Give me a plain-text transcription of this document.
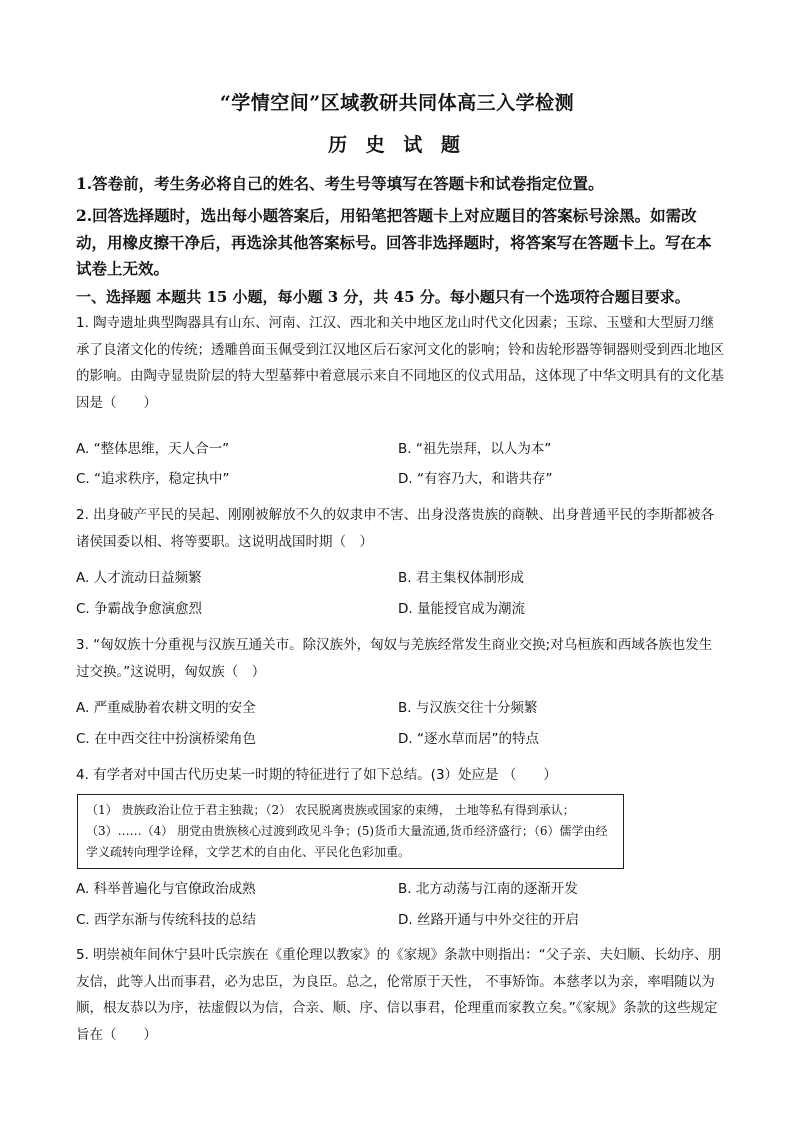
“学情空间”区域教研共同体高三入学检测
历 史 试 题
1.答卷前，考生务必将自己的姓名、考生号等填写在答题卡和试卷指定位置。
2.回答选择题时，选出每小题答案后，用铅笔把答题卡上对应题目的答案标号涂黑。如需改动，用橡皮擦干净后，再选涂其他答案标号。回答非选择题时，将答案写在答题卡上。写在本试卷上无效。
一、选择题 本题共 15 小题，每小题 3 分，共 45 分。每小题只有一个选项符合题目要求。
1. 陶寺遗址典型陶器具有山东、河南、江汉、西北和关中地区龙山时代文化因素；玉琮、玉璧和大型厨刀继承了良渚文化的传统；透雕兽面玉佩受到江汉地区后石家河文化的影响；铃和齿轮形器等铜器则受到西北地区的影响。由陶寺显贵阶层的特大型墓葬中着意展示来自不同地区的仪式用品，这体现了中华文明具有的文化基因是（　　）
A. “整体思维，天人合一”	B. “祖先崇拜，以人为本”
C. “追求秩序，稳定执中”	D. “有容乃大，和谐共存”
2. 出身破产平民的吴起、刚刚被解放不久的奴隶申不害、出身没落贵族的商鞅、出身普通平民的李斯都被各诸侯国委以相、将等要职。这说明战国时期（　）
A. 人才流动日益频繁	B. 君主集权体制形成
C. 争霸战争愈演愈烈	D. 量能授官成为潮流
3. “匈奴族十分重视与汉族互通关市。除汉族外，匈奴与羌族经常发生商业交换;对乌桓族和西域各族也发生过交换。”这说明，匈奴族（　）
A. 严重威胁着农耕文明的安全	B. 与汉族交往十分频繁
C. 在中西交往中扮演桥梁角色	D. “逐水草而居”的特点
4. 有学者对中国古代历史某一时期的特征进行了如下总结。(3）处应是 （　　）
（1） 贵族政治让位于君主独裁；（2） 农民脱离贵族或国家的束缚， 土地等私有得到承认；（3）……（4） 朋党由贵族核心过渡到政见斗争；(5)货币大量流通,货币经济盛行；（6）儒学由经学义疏转向理学诠释，文学艺术的自由化、平民化色彩加重。
A. 科举普遍化与官僚政治成熟	B. 北方动荡与江南的逐渐开发
C. 西学东渐与传统科技的总结	D. 丝路开通与中外交往的开启
5. 明崇祯年间休宁县叶氏宗族在《重伦理以教家》的《家规》条款中则指出：“父子亲、夫妇顺、长幼序、朋友信，此等人出而事君，必为忠臣，为良臣。总之，伦常原于天性， 不事矫饰。本慈孝以为亲，率唱随以为顺，根友恭以为序，祛虚假以为信，合亲、顺、序、信以事君，伦理重而家教立矣。”《家规》条款的这些规定旨在（　　）
